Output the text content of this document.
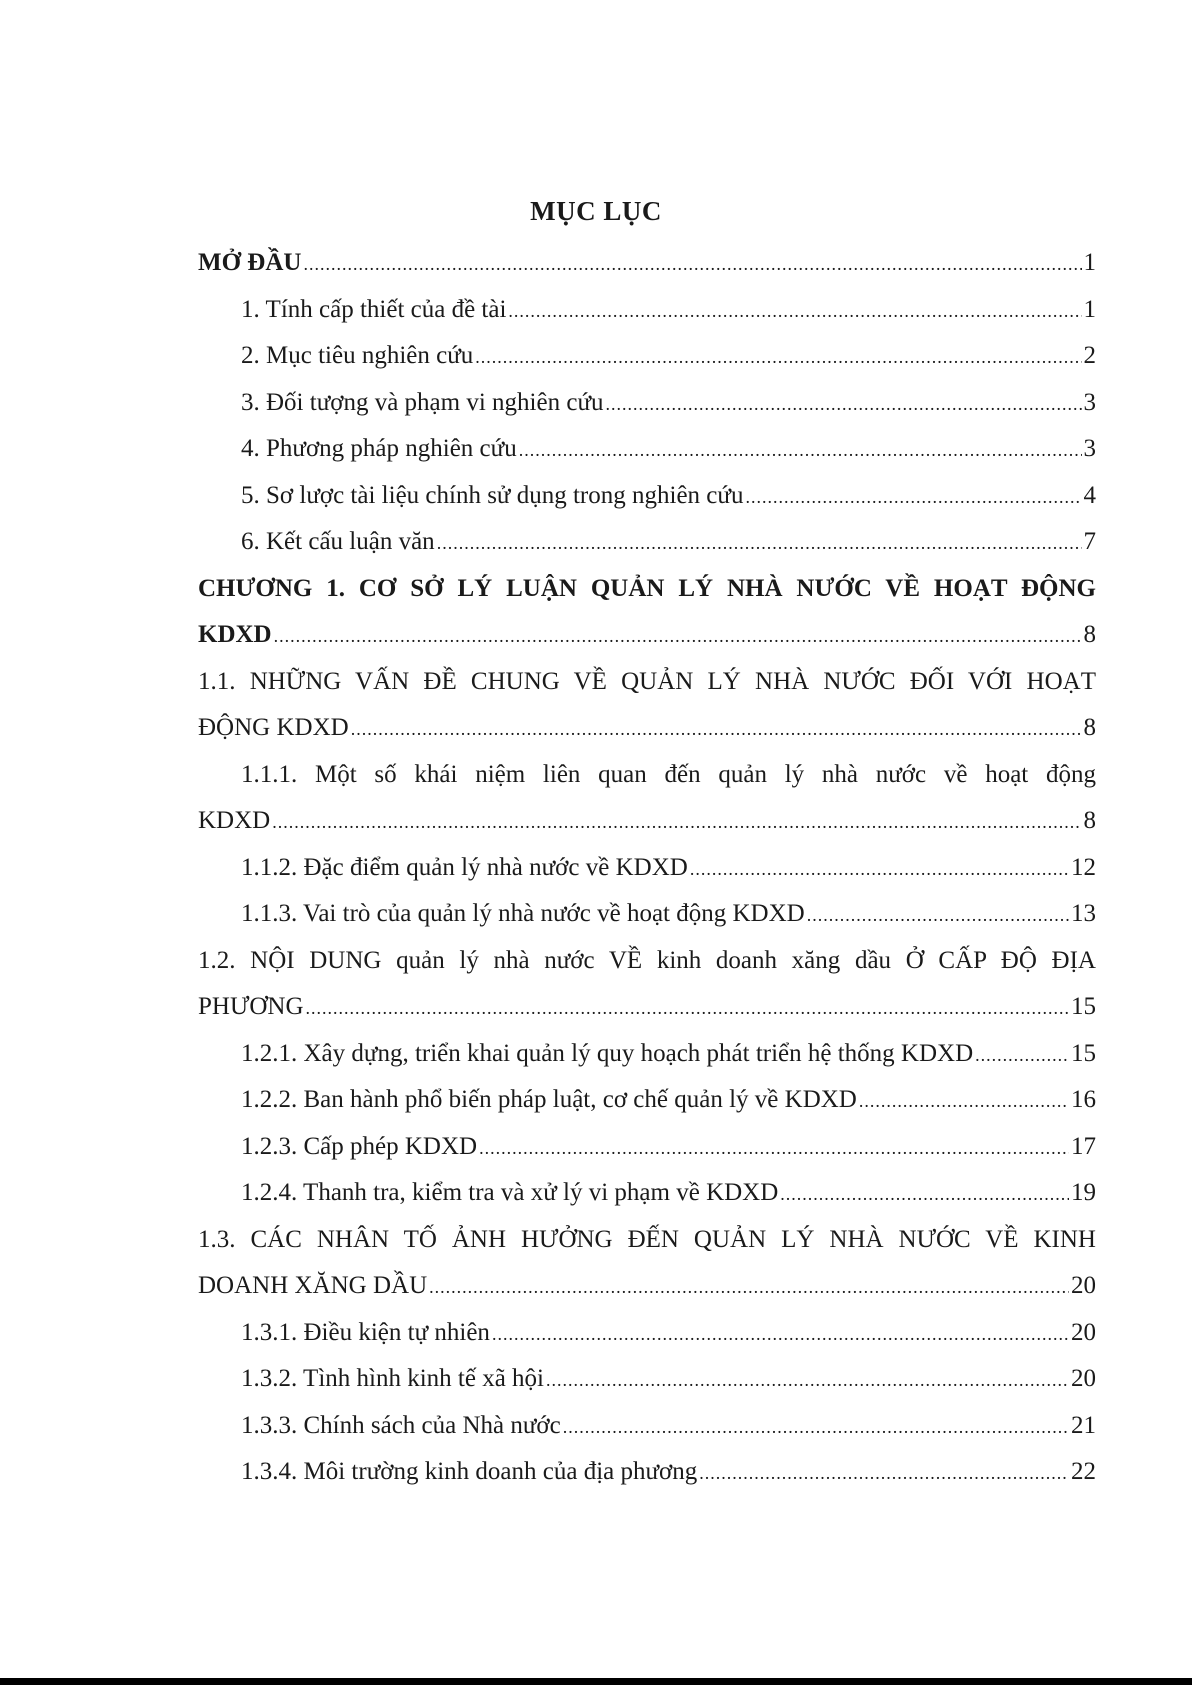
MỤC LỤC
MỞ ĐẦU .....	1
1. Tính cấp thiết của đề tài .....	1
2. Mục tiêu nghiên cứu .....	2
3. Đối tượng và phạm vi nghiên cứu .....	3
4. Phương pháp nghiên cứu .....	3
5. Sơ lược tài liệu chính sử dụng trong nghiên cứu .....	4
6. Kết cấu luận văn .....	7
CHƯƠNG 1. CƠ SỞ LÝ LUẬN QUẢN LÝ NHÀ NƯỚC VỀ HOẠT ĐỘNG
KDXD .....	8
1.1. NHỮNG VẤN ĐỀ CHUNG VỀ QUẢN LÝ NHÀ NƯỚC ĐỐI VỚI HOẠT
ĐỘNG KDXD .....	8
1.1.1. Một số khái niệm liên quan đến quản lý nhà nước về hoạt động
KDXD .....	8
1.1.2. Đặc điểm quản lý nhà nước về KDXD .....	12
1.1.3. Vai trò của quản lý nhà nước về hoạt động KDXD .....	13
1.2. NỘI DUNG quản lý nhà nước VỀ kinh doanh xăng dầu Ở CẤP ĐỘ ĐỊA
PHƯƠNG .....	15
1.2.1. Xây dựng, triển khai quản lý quy hoạch phát triển hệ thống KDXD .....	15
1.2.2. Ban hành phổ biến pháp luật, cơ chế quản lý về KDXD .....	16
1.2.3. Cấp phép KDXD .....	17
1.2.4. Thanh tra, kiểm tra và xử lý vi phạm về KDXD .....	19
1.3. CÁC NHÂN TỐ ẢNH HƯỞNG ĐẾN QUẢN LÝ NHÀ NƯỚC VỀ KINH
DOANH XĂNG DẦU .....	20
1.3.1. Điều kiện tự nhiên .....	20
1.3.2. Tình hình kinh tế xã hội .....	20
1.3.3. Chính sách của Nhà nước .....	21
1.3.4. Môi trường kinh doanh của địa phương .....	22
